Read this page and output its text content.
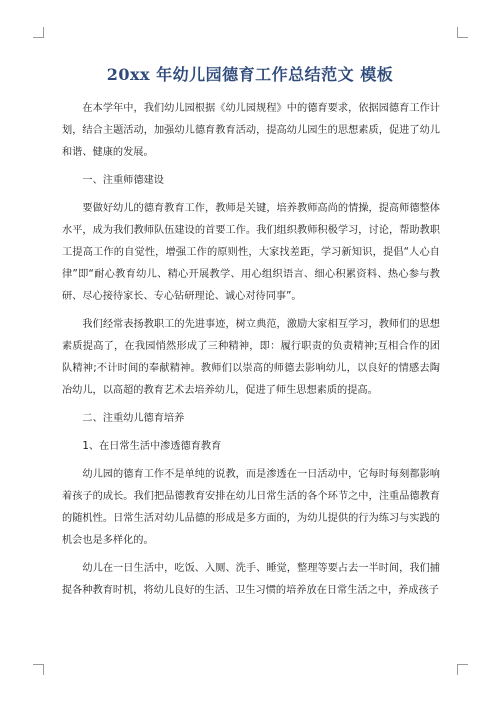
20xx 年幼儿园德育工作总结范文 模板

在本学年中，我们幼儿园根据《幼儿园规程》中的德育要求，依据园德育工作计划，结合主题活动，加强幼儿德育教育活动，提高幼儿园生的思想素质，促进了幼儿和谐、健康的发展。

一、注重师德建设

要做好幼儿的德育教育工作，教师是关键，培养教师高尚的情操，提高师德整体水平，成为我们教师队伍建设的首要工作。我们组织教师积极学习，讨论，帮助教职工提高工作的自觉性，增强工作的原则性，大家找差距，学习新知识，提倡“人心自律”即“耐心教育幼儿、精心开展教学、用心组织语言、细心积累资料、热心参与教研、尽心接待家长、专心钻研理论、诚心对待同事”。

我们经常表扬教职工的先进事迹，树立典范，激励大家相互学习，教师们的思想素质提高了，在我园悄然形成了三种精神，即：履行职责的负责精神;互相合作的团队精神;不计时间的奉献精神。教师们以崇高的师德去影响幼儿，以良好的情感去陶冶幼儿，以高超的教育艺术去培养幼儿，促进了师生思想素质的提高。

二、注重幼儿德育培养

1、在日常生活中渗透德育教育

幼儿园的德育工作不是单纯的说教，而是渗透在一日活动中，它每时每刻都影响着孩子的成长。我们把品德教育安排在幼儿日常生活的各个环节之中，注重品德教育的随机性。日常生活对幼儿品德的形成是多方面的，为幼儿提供的行为练习与实践的机会也是多样化的。

幼儿在一日生活中，吃饭、入厕、洗手、睡觉，整理等要占去一半时间，我们捕捉各种教育时机，将幼儿良好的生活、卫生习惯的培养放在日常生活之中，养成孩子
